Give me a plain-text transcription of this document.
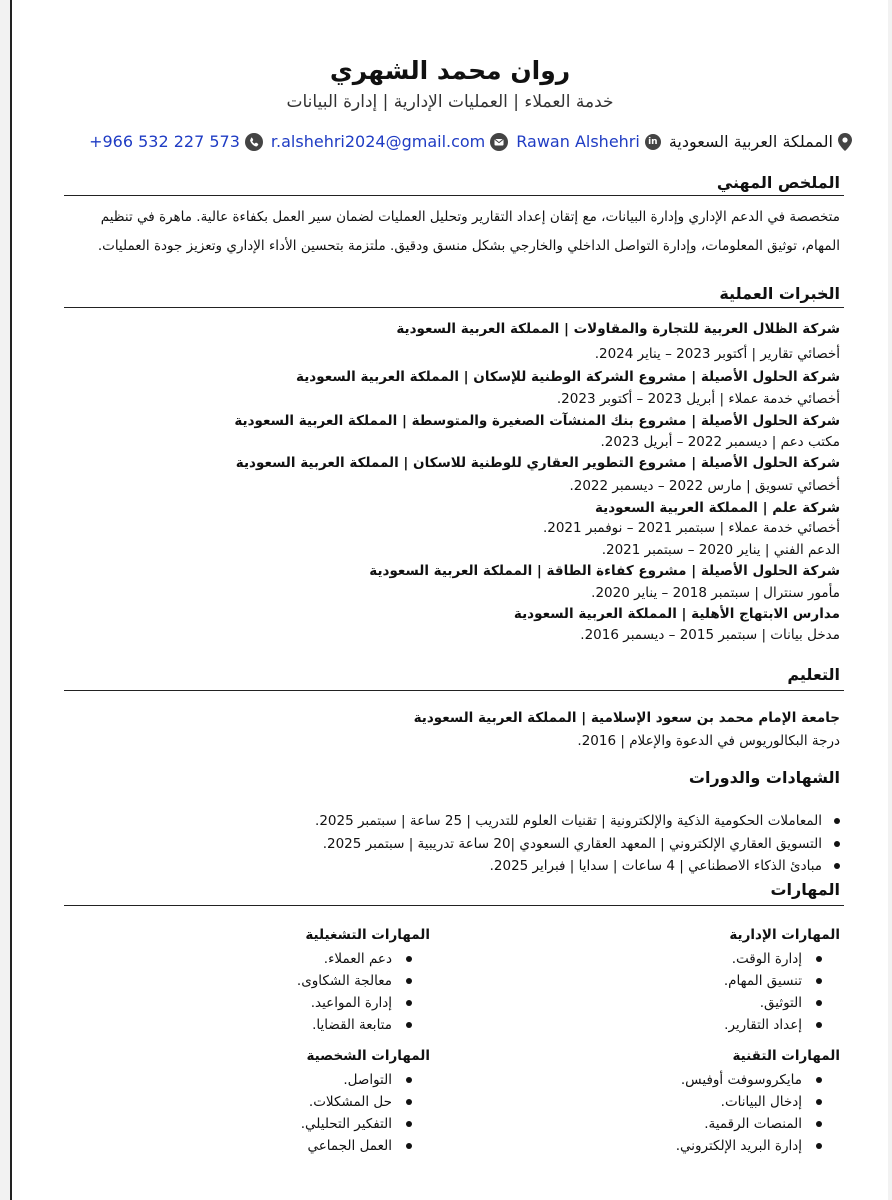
روان محمد الشهري
خدمة العملاء | العمليات الإدارية | إدارة البيانات
المملكة العربية السعودية
in
Rawan Alshehri
r.alshehri2024@gmail.com
+966 532 227 573
الملخص المهني
متخصصة في الدعم الإداري وإدارة البيانات، مع إتقان إعداد التقارير وتحليل العمليات لضمان سير العمل بكفاءة عالية. ماهرة في تنظيم
المهام، توثيق المعلومات، وإدارة التواصل الداخلي والخارجي بشكل منسق ودقيق. ملتزمة بتحسين الأداء الإداري وتعزيز جودة العمليات.
الخبرات العملية
شركة الظلال العربية للتجارة والمقاولات | المملكة العربية السعودية
أخصائي تقارير | أكتوبر 2023 – يناير 2024.
شركة الحلول الأصيلة | مشروع الشركة الوطنية للإسكان | المملكة العربية السعودية
أخصائي خدمة عملاء | أبريل 2023 – أكتوبر 2023.
شركة الحلول الأصيلة | مشروع بنك المنشآت الصغيرة والمتوسطة | المملكة العربية السعودية
مكتب دعم | ديسمبر 2022 – أبريل 2023.
شركة الحلول الأصيلة | مشروع التطوير العقاري للوطنية للاسكان | المملكة العربية السعودية
أخصائي تسويق | مارس 2022 – ديسمبر 2022.
شركة علم | المملكة العربية السعودية
أخصائي خدمة عملاء | سبتمبر 2021 – نوفمبر 2021.
الدعم الفني | يناير 2020 – سبتمبر 2021.
شركة الحلول الأصيلة | مشروع كفاءة الطاقة | المملكة العربية السعودية
مأمور سنترال | سبتمبر 2018 – يناير 2020.
مدارس الابتهاج الأهلية | المملكة العربية السعودية
مدخل بيانات | سبتمبر 2015 – ديسمبر 2016.
التعليم
جامعة الإمام محمد بن سعود الإسلامية | المملكة العربية السعودية
درجة البكالوريوس في الدعوة والإعلام | 2016.
الشهادات والدورات
المعاملات الحكومية الذكية والإلكترونية | تقنيات العلوم للتدريب | 25 ساعة | سبتمبر 2025.
التسويق العقاري الإلكتروني | المعهد العقاري السعودي |20 ساعة تدريبية | سبتمبر 2025.
مبادئ الذكاء الاصطناعي | 4 ساعات | سدايا | فبراير 2025.
المهارات
المهارات الإدارية
إدارة الوقت.
تنسيق المهام.
التوثيق.
إعداد التقارير.
المهارات التشغيلية
دعم العملاء.
معالجة الشكاوى.
إدارة المواعيد.
متابعة القضايا.
المهارات التقنية
مايكروسوفت أوفيس.
إدخال البيانات.
المنصات الرقمية.
إدارة البريد الإلكتروني.
المهارات الشخصية
التواصل.
حل المشكلات.
التفكير التحليلي.
العمل الجماعي
